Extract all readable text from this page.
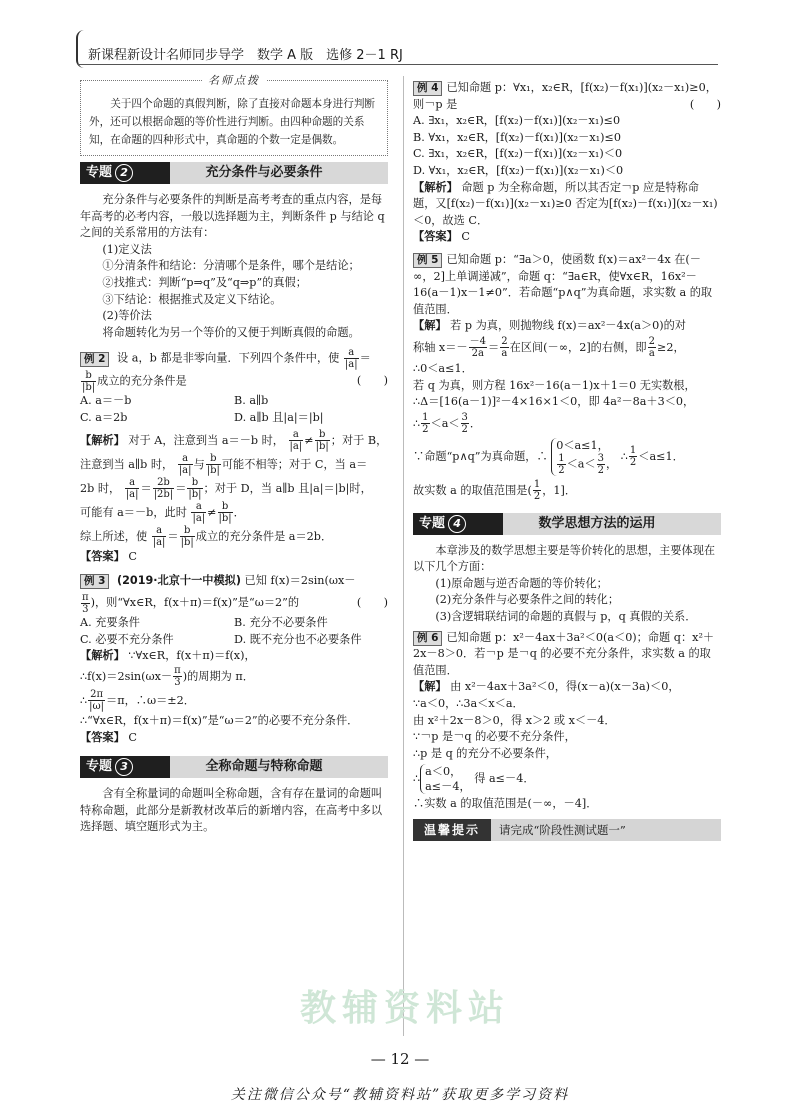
新课程新设计名师同步导学　数学 A 版　选修 2－1 RJ
名师点拨

关于四个命题的真假判断，除了直接对命题本身进行判断外，还可以根据命题的等价性进行判断。由四种命题的关系知，在命题的四种形式中，真命题的个数一定是偶数。

专题 2	充分条件与必要条件

充分条件与必要条件的判断是高考考查的重点内容，是每年高考的必考内容，一般以选择题为主，判断条件 p 与结论 q 之间的关系常用的方法有：

(1)定义法

①分清条件和结论：分清哪个是条件，哪个是结论；

②找推式：判断“p⇒q”及“q⇒p”的真假；

③下结论：根据推式及定义下结论。

(2)等价法

将命题转化为另一个等价的又便于判断真假的命题。

例 2 设 a，b 都是非零向量．下列四个条件中，使 $\frac{a}{|a|}$ ＝

$\frac{b}{|b|}$ 成立的充分条件是	(　　)

A. a＝－b	B. a∥b
C. a＝2b	D. a∥b 且|a|＝|b|

【解析】 对于 A，注意到当 a＝－b 时， $\frac{a}{|a|} \ne \frac{b}{|b|}$ ；对于 B，

注意到当 a∥b 时， $\frac{a}{|a|}$ 与 $\frac{b}{|b|}$ 可能不相等；对于 C，当 a＝

2b 时， $\frac{a}{|a|} = \frac{2b}{|2b|} = \frac{b}{|b|}$ ；对于 D，当 a∥b 且|a|＝|b|时，

可能有 a＝－b，此时 $\frac{a}{|a|} \ne \frac{b}{|b|}$ ．

综上所述，使 $\frac{a}{|a|} = \frac{b}{|b|}$ 成立的充分条件是 a＝2b．

【答案】 C

例 3 (2019·北京十一中模拟) 已知 f(x)＝2sin(ωx－

$\frac{\pi}{3}$ )，则“∀x∈R，f(x＋π)＝f(x)”是“ω＝2”的	(　　)

A. 充要条件	B. 充分不必要条件
C. 必要不充分条件	D. 既不充分也不必要条件

【解析】 ∵∀x∈R，f(x＋π)＝f(x)，

∴f(x)＝2sin(ωx－ $\frac{\pi}{3}$ )的周期为 π．

∴ $\frac{2\pi}{|\omega|} =\pi$，∴ω＝±2．

∴“∀x∈R，f(x＋π)＝f(x)”是“ω＝2”的必要不充分条件．

【答案】 C

专题 3	全称命题与特称命题

含有全称量词的命题叫全称命题，含有存在量词的命题叫特称命题，此部分是新教材改革后的新增内容，在高考中多以选择题、填空题形式为主。

例 4 已知命题 p：∀x₁，x₂∈R，[f(x₂)－f(x₁)](x₂－x₁)≥0，则￢p 是	(　　)

A. ∃x₁，x₂∈R，[f(x₂)－f(x₁)](x₂－x₁)≤0

B. ∀x₁，x₂∈R，[f(x₂)－f(x₁)](x₂－x₁)≤0

C. ∃x₁，x₂∈R，[f(x₂)－f(x₁)](x₂－x₁)＜0

D. ∀x₁，x₂∈R，[f(x₂)－f(x₁)](x₂－x₁)＜0

【解析】 命题 p 为全称命题，所以其否定￢p 应是特称命题，又[f(x₂)－f(x₁)](x₂－x₁)≥0 否定为[f(x₂)－f(x₁)](x₂－x₁)＜0，故选 C．

【答案】 C

例 5 已知命题 p：“∃a＞0，使函数 f(x)＝ax²－4x 在(－∞，2]上单调递减”，命题 q：“∃a∈R，使∀x∈R，16x²－16(a－1)x－1≠0”．若命题“p∧q”为真命题，求实数 a 的取值范围．

【解】 若 p 为真，则抛物线 f(x)＝ax²－4x(a＞0)的对

称轴 $x=- \frac{-4}{2a} = \frac{2}{a}$ 在区间(－∞，2]的右侧，即 $\frac{2}{a} \ge 2$，

∴0＜a≤1．

若 q 为真，则方程 16x²－16(a－1)x＋1＝0 无实数根，

∴Δ＝[16(a－1)]²－4×16×1＜0，即 4a²－8a＋3＜0，

∴ $\frac{1}{2} <a< \frac{3}{2}$ ．

∵命题“p∧q”为真命题，∴
0＜a≤1，
$\frac{1}{2} <a< \frac{3}{2}$ ，
∴ $\frac{1}{2} <a\le 1$．

故实数 a 的取值范围是( $\frac{1}{2}$ ，1]．

专题 4	数学思想方法的运用

本章涉及的数学思想主要是等价转化的思想，主要体现在以下几个方面：

(1)原命题与逆否命题的等价转化；

(2)充分条件与必要条件之间的转化；

(3)含逻辑联结词的命题的真假与 p，q 真假的关系．

例 6 已知命题 p：x²－4ax＋3a²＜0(a＜0)；命题 q：x²＋2x－8＞0．若￢p 是￢q 的必要不充分条件，求实数 a 的取值范围．

【解】 由 x²－4ax＋3a²＜0，得(x－a)(x－3a)＜0，

∵a＜0，∴3a＜x＜a．

由 x²＋2x－8＞0，得 x＞2 或 x＜－4．

∵￢p 是￢q 的必要不充分条件，

∴p 是 q 的充分不必要条件，

∴
a＜0，
a≤－4，
得 a≤－4．

∴实数 a 的取值范围是(－∞，－4]．

温馨提示	请完成“阶段性测试题一”
教辅资料站
— 12 —
关注微信公众号“教辅资料站”获取更多学习资料
